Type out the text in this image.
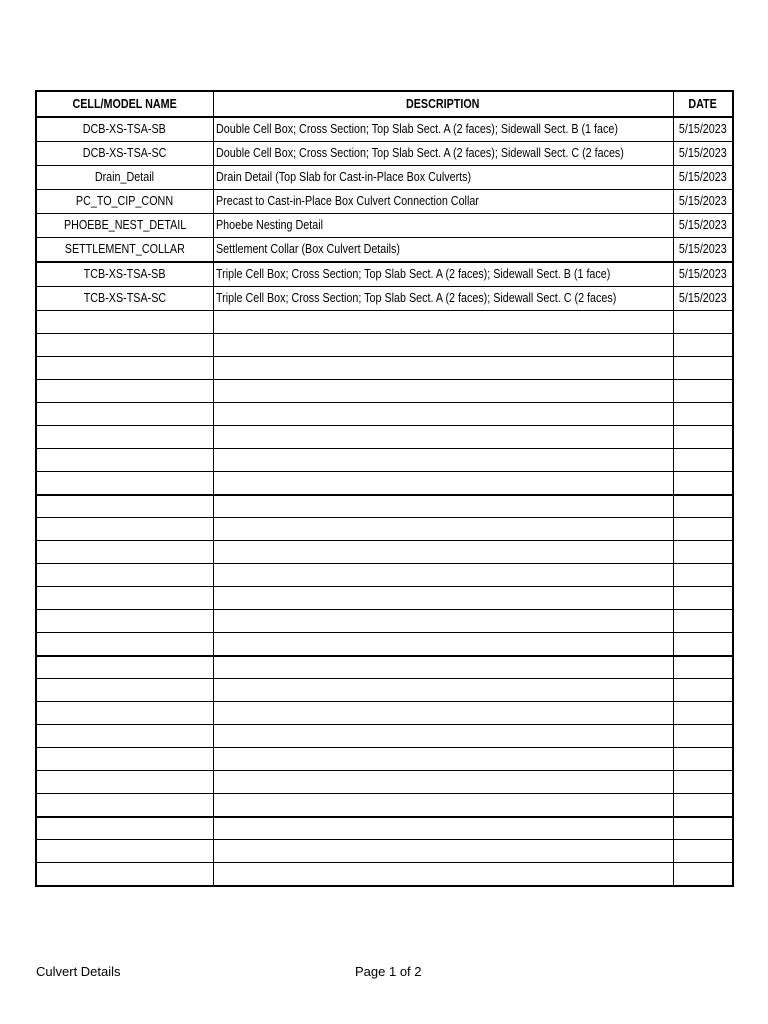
CELL/MODEL NAME	DESCRIPTION	DATE
DCB-XS-TSA-SB	Double Cell Box; Cross Section; Top Slab Sect. A (2 faces); Sidewall Sect. B (1 face)	5/15/2023
DCB-XS-TSA-SC	Double Cell Box; Cross Section; Top Slab Sect. A (2 faces); Sidewall Sect. C (2 faces)	5/15/2023
Drain_Detail	Drain Detail (Top Slab for Cast-in-Place Box Culverts)	5/15/2023
PC_TO_CIP_CONN	Precast to Cast-in-Place Box Culvert Connection Collar	5/15/2023
PHOEBE_NEST_DETAIL	Phoebe Nesting Detail	5/15/2023
SETTLEMENT_COLLAR	Settlement Collar (Box Culvert Details)	5/15/2023
TCB-XS-TSA-SB	Triple Cell Box; Cross Section; Top Slab Sect. A (2 faces); Sidewall Sect. B (1 face)	5/15/2023
TCB-XS-TSA-SC	Triple Cell Box; Cross Section; Top Slab Sect. A (2 faces); Sidewall Sect. C (2 faces)	5/15/2023

Culvert Details	Page 1 of 2
